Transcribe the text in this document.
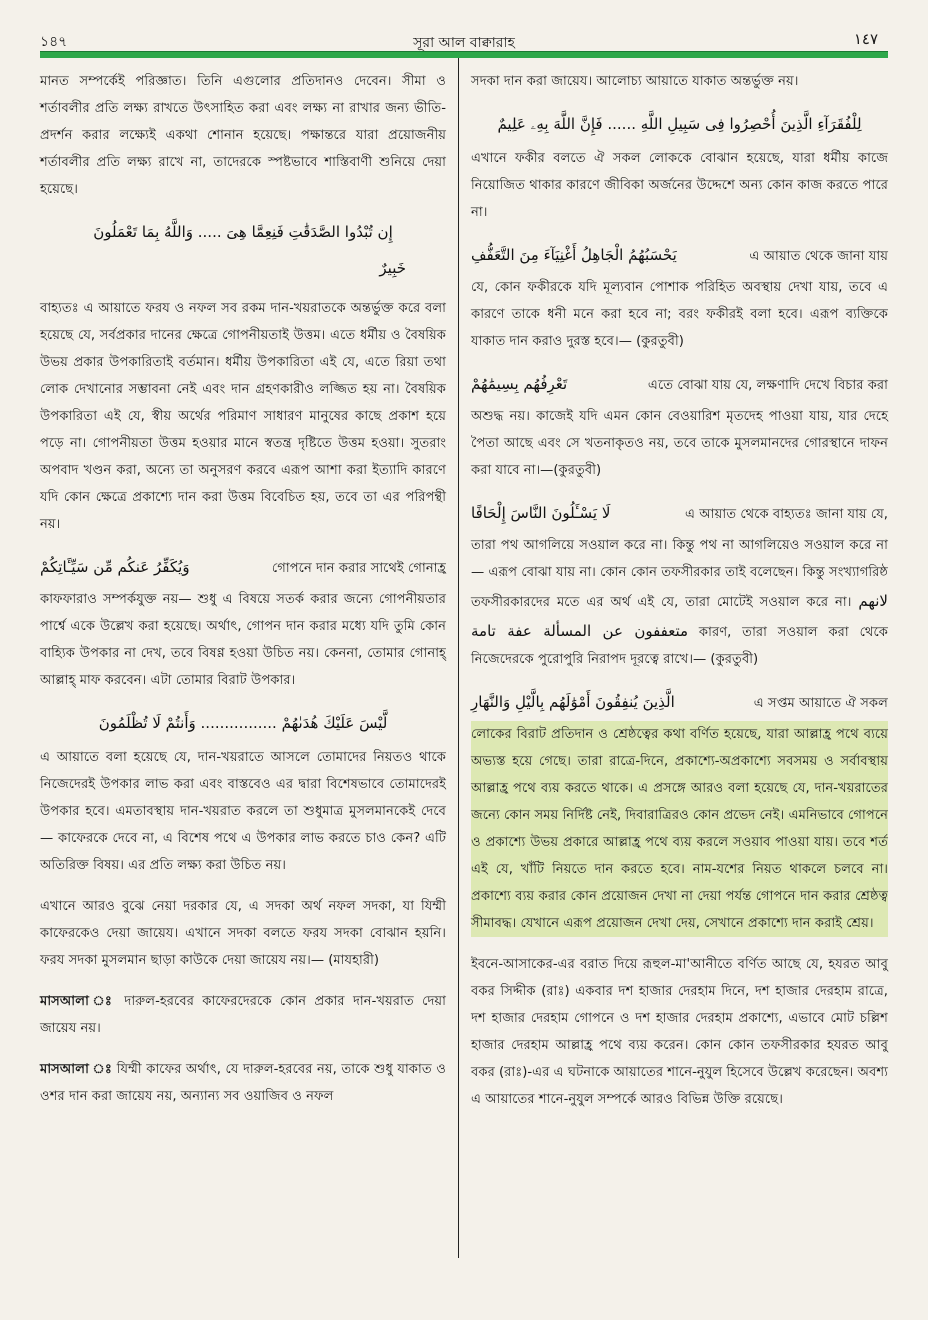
১৪৭	সূরা আল বাক্বারাহ	١٤٧

মানত সম্পর্কেই পরিজ্ঞাত। তিনি এগুলোর প্রতিদানও দেবেন। সীমা ও শর্তাবলীর প্রতি লক্ষ্য রাখতে উৎসাহিত করা এবং লক্ষ্য না রাখার জন্য ভীতি-প্রদর্শন করার লক্ষ্যেই একথা শোনান হয়েছে। পক্ষান্তরে যারা প্রয়োজনীয় শর্তাবলীর প্রতি লক্ষ্য রাখে না, তাদেরকে স্পষ্টভাবে শাস্তিবাণী শুনিয়ে দেয়া হয়েছে।

إِن تُبْدُوا الصَّدَقَٰتِ فَنِعِمَّا هِىَ ..... وَاللَّهُ بِمَا تَعْمَلُونَ
خَبِيرٌ

বাহ্যতঃ এ আয়াতে ফরয ও নফল সব রকম দান-খয়রাতকে অন্তর্ভুক্ত করে বলা হয়েছে যে, সর্বপ্রকার দানের ক্ষেত্রে গোপনীয়তাই উত্তম। এতে ধর্মীয় ও বৈষয়িক উভয় প্রকার উপকারিতাই বর্তমান। ধর্মীয় উপকারিতা এই যে, এতে রিয়া তথা লোক দেখানোর সম্ভাবনা নেই এবং দান গ্রহণকারীও লজ্জিত হয় না। বৈষয়িক উপকারিতা এই যে, স্বীয় অর্থের পরিমাণ সাধারণ মানুষের কাছে প্রকাশ হয়ে পড়ে না। গোপনীয়তা উত্তম হওয়ার মানে স্বতন্ত্র দৃষ্টিতে উত্তম হওয়া। সুতরাং অপবাদ খণ্ডন করা, অন্যে তা অনুসরণ করবে এরূপ আশা করা ইত্যাদি কারণে যদি কোন ক্ষেত্রে প্রকাশ্যে দান করা উত্তম বিবেচিত হয়, তবে তা এর পরিপন্থী নয়।

وَيُكَفِّرُ عَنكُم مِّن سَيِّـَٔاتِكُمْ	গোপনে দান করার সাথেই গোনাহ্র

কাফফারাও সম্পর্কযুক্ত নয়— শুধু এ বিষয়ে সতর্ক করার জন্যে গোপনীয়তার পার্শ্বে একে উল্লেখ করা হয়েছে। অর্থাৎ, গোপন দান করার মধ্যে যদি তুমি কোন বাহ্যিক উপকার না দেখ, তবে বিষণ্ণ হওয়া উচিত নয়। কেননা, তোমার গোনাহ্ আল্লাহ্ মাফ করবেন। এটা তোমার বিরাট উপকার।

لَّيْسَ عَلَيْكَ هُدَىٰهُمْ ................ وَأَنتُمْ لَا تُظْلَمُونَ

এ আয়াতে বলা হয়েছে যে, দান-খয়রাতে আসলে তোমাদের নিয়তও থাকে নিজেদেরই উপকার লাভ করা এবং বাস্তবেও এর দ্বারা বিশেষভাবে তোমাদেরই উপকার হবে। এমতাবস্থায় দান-খয়রাত করলে তা শুধুমাত্র মুসলমানকেই দেবে— কাফেরকে দেবে না, এ বিশেষ পথে এ উপকার লাভ করতে চাও কেন? এটি অতিরিক্ত বিষয়। এর প্রতি লক্ষ্য করা উচিত নয়।

এখানে আরও বুঝে নেয়া দরকার যে, এ সদকা অর্থ নফল সদকা, যা যিম্মী কাফেরকেও দেয়া জায়েয। এখানে সদকা বলতে ফরয সদকা বোঝান হয়নি। ফরয সদকা মুসলমান ছাড়া কাউকে দেয়া জায়েয নয়।— (মাযহারী)

মাসআলা ঃ দারুল-হরবের কাফেরদেরকে কোন প্রকার দান-খয়রাত দেয়া জায়েয নয়।

মাসআলা ঃ যিম্মী কাফের অর্থাৎ, যে দারুল-হরবের নয়, তাকে শুধু যাকাত ও ওশর দান করা জায়েয নয়, অন্যান্য সব ওয়াজিব ও নফল

সদকা দান করা জায়েয। আলোচ্য আয়াতে যাকাত অন্তর্ভুক্ত নয়।

لِلْفُقَرَآءِ الَّذِينَ أُحْصِرُوا فِى سَبِيلِ اللَّهِ ...... فَإِنَّ اللَّهَ بِهِۦ عَلِيمٌ

এখানে ফকীর বলতে ঐ সকল লোককে বোঝান হয়েছে, যারা ধর্মীয় কাজে নিয়োজিত থাকার কারণে জীবিকা অর্জনের উদ্দেশে অন্য কোন কাজ করতে পারে না।

يَحْسَبُهُمُ الْجَاهِلُ أَغْنِيَآءَ مِنَ التَّعَفُّفِ	এ আয়াত থেকে জানা যায়

যে, কোন ফকীরকে যদি মূল্যবান পোশাক পরিহিত অবস্থায় দেখা যায়, তবে এ কারণে তাকে ধনী মনে করা হবে না; বরং ফকীরই বলা হবে। এরূপ ব্যক্তিকে যাকাত দান করাও দুরস্ত হবে।— (কুরতুবী)

تَعْرِفُهُم بِسِيمَٰهُمْ	এতে বোঝা যায় যে, লক্ষণাদি দেখে বিচার করা

অশুদ্ধ নয়। কাজেই যদি এমন কোন বেওয়ারিশ মৃতদেহ পাওয়া যায়, যার দেহে পৈতা আছে এবং সে খতনাকৃতও নয়, তবে তাকে মুসলমানদের গোরস্থানে দাফন করা যাবে না।—(কুরতুবী)

لَا يَسْـَٔلُونَ النَّاسَ إِلْحَافًا	এ আয়াত থেকে বাহ্যতঃ জানা যায় যে,

তারা পথ আগলিয়ে সওয়াল করে না। কিন্তু পথ না আগলিয়েও সওয়াল করে না— এরূপ বোঝা যায় না। কোন কোন তফসীরকার তাই বলেছেন। কিন্তু সংখ্যাগরিষ্ঠ তফসীরকারদের মতে এর অর্থ এই যে, তারা মোটেই সওয়াল করে না। لانهم متعففون عن المسألة عفة تامة কারণ, তারা সওয়াল করা থেকে নিজেদেরকে পুরোপুরি নিরাপদ দূরত্বে রাখে।— (কুরতুবী)

الَّذِينَ يُنفِقُونَ أَمْوَٰلَهُم بِالَّيْلِ وَالنَّهَارِ	এ সপ্তম আয়াতে ঐ সকল

লোকের বিরাট প্রতিদান ও শ্রেষ্ঠত্বের কথা বর্ণিত হয়েছে, যারা আল্লাহ্র পথে ব্যয়ে অভ্যস্ত হয়ে গেছে। তারা রাত্রে-দিনে, প্রকাশ্যে-অপ্রকাশ্যে সবসময় ও সর্বাবস্থায় আল্লাহ্র পথে ব্যয় করতে থাকে। এ প্রসঙ্গে আরও বলা হয়েছে যে, দান-খয়রাতের জন্যে কোন সময় নির্দিষ্ট নেই, দিবারাত্রিরও কোন প্রভেদ নেই। এমনিভাবে গোপনে ও প্রকাশ্যে উভয় প্রকারে আল্লাহ্র পথে ব্যয় করলে সওয়াব পাওয়া যায়। তবে শর্ত এই যে, খাঁটি নিয়তে দান করতে হবে। নাম-যশের নিয়ত থাকলে চলবে না। প্রকাশ্যে ব্যয় করার কোন প্রয়োজন দেখা না দেয়া পর্যন্ত গোপনে দান করার শ্রেষ্ঠত্ব সীমাবদ্ধ। যেখানে এরূপ প্রয়োজন দেখা দেয়, সেখানে প্রকাশ্যে দান করাই শ্রেয়।

ইবনে-আসাকের-এর বরাত দিয়ে রূহুল-মা'আনীতে বর্ণিত আছে যে, হযরত আবু বকর সিদ্দীক (রাঃ) একবার দশ হাজার দেরহাম দিনে, দশ হাজার দেরহাম রাত্রে, দশ হাজার দেরহাম গোপনে ও দশ হাজার দেরহাম প্রকাশ্যে, এভাবে মোট চল্লিশ হাজার দেরহাম আল্লাহ্র পথে ব্যয় করেন। কোন কোন তফসীরকার হযরত আবু বকর (রাঃ)-এর এ ঘটনাকে আয়াতের শানে-নুযুল হিসেবে উল্লেখ করেছেন। অবশ্য এ আয়াতের শানে-নুযুল সম্পর্কে আরও বিভিন্ন উক্তি রয়েছে।
